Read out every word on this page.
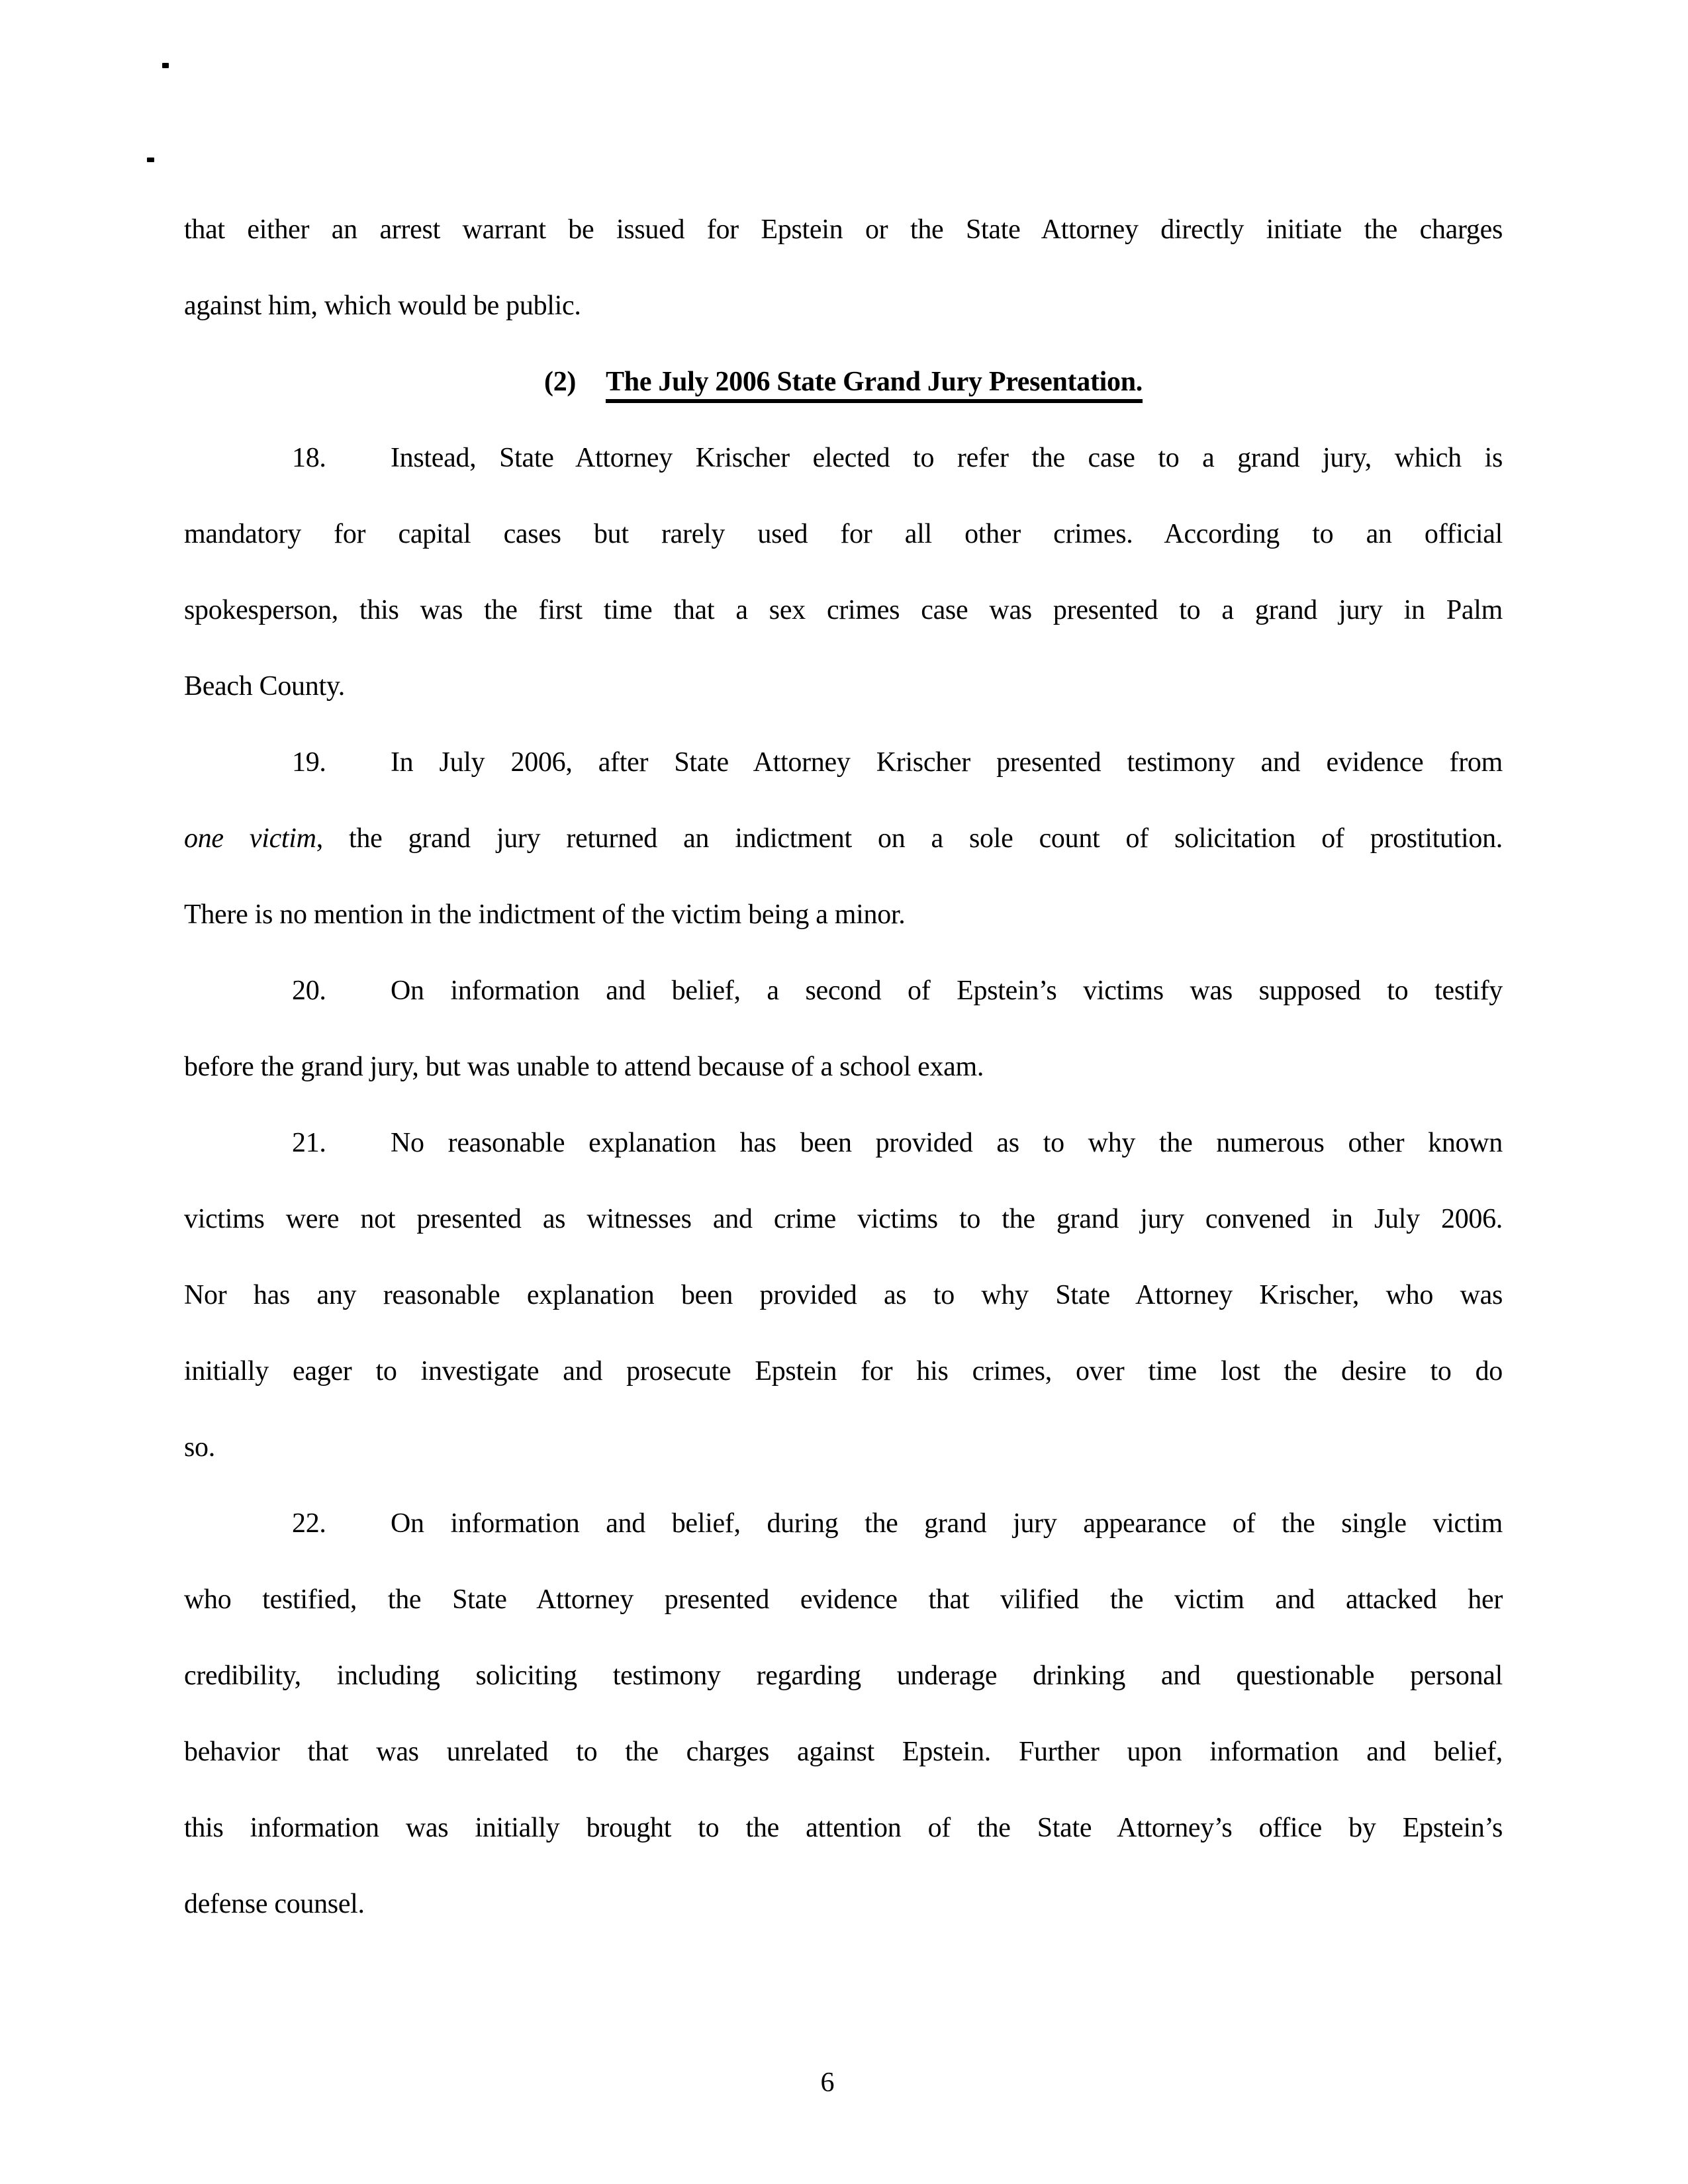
that either an arrest warrant be issued for Epstein or the State Attorney directly initiate the charges
against him, which would be public.
(2) The July 2006 State Grand Jury Presentation.
18. Instead, State Attorney Krischer elected to refer the case to a grand jury, which is
mandatory for capital cases but rarely used for all other crimes. According to an official
spokesperson, this was the first time that a sex crimes case was presented to a grand jury in Palm
Beach County.
19. In July 2006, after State Attorney Krischer presented testimony and evidence from
one victim, the grand jury returned an indictment on a sole count of solicitation of prostitution.
There is no mention in the indictment of the victim being a minor.
20. On information and belief, a second of Epstein’s victims was supposed to testify
before the grand jury, but was unable to attend because of a school exam.
21. No reasonable explanation has been provided as to why the numerous other known
victims were not presented as witnesses and crime victims to the grand jury convened in July 2006.
Nor has any reasonable explanation been provided as to why State Attorney Krischer, who was
initially eager to investigate and prosecute Epstein for his crimes, over time lost the desire to do
so.
22. On information and belief, during the grand jury appearance of the single victim
who testified, the State Attorney presented evidence that vilified the victim and attacked her
credibility, including soliciting testimony regarding underage drinking and questionable personal
behavior that was unrelated to the charges against Epstein. Further upon information and belief,
this information was initially brought to the attention of the State Attorney’s office by Epstein’s
defense counsel.
6
